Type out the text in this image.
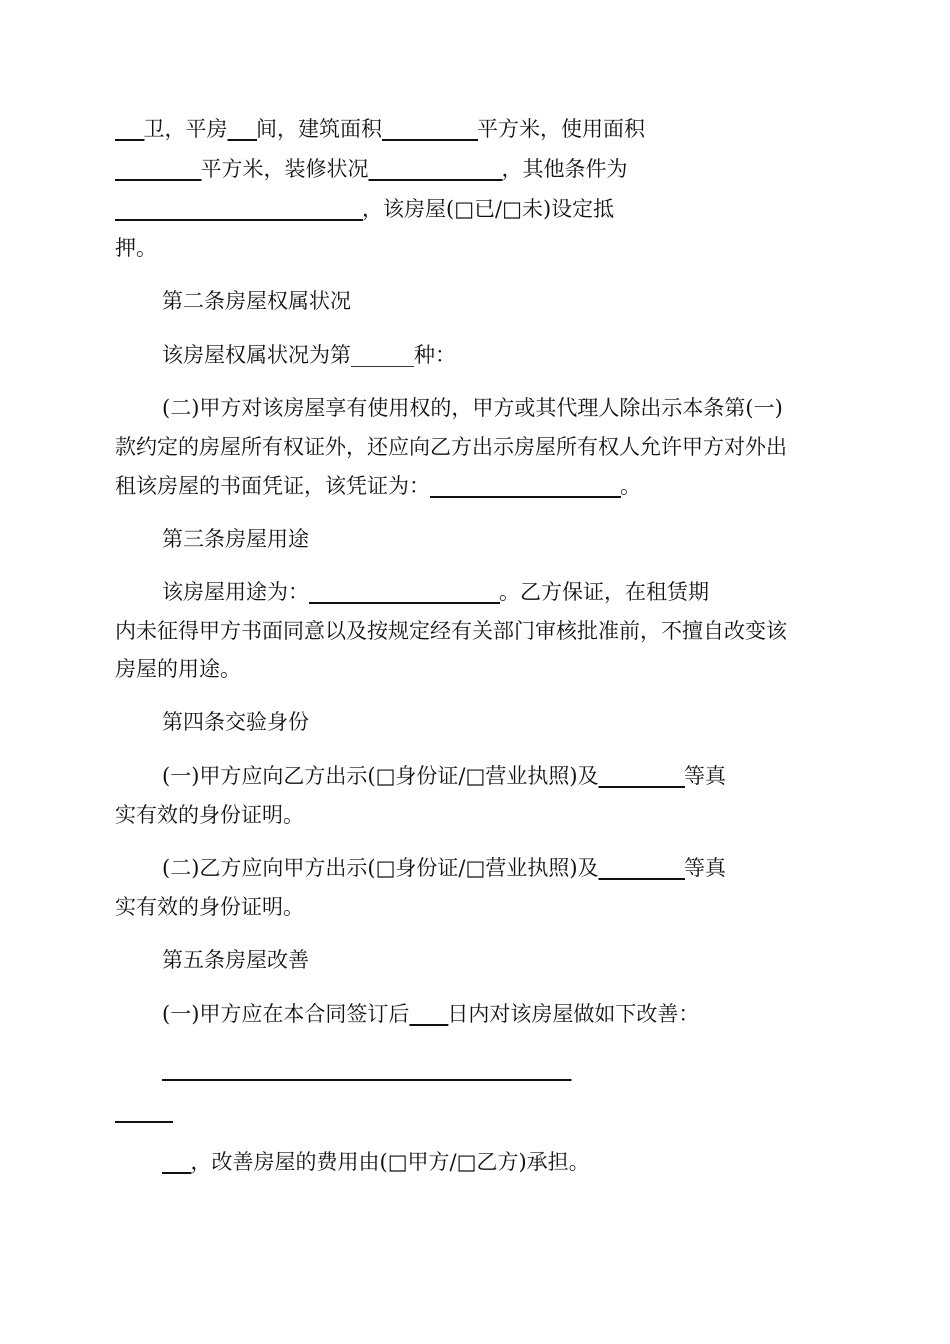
___卫，平房___间，建筑面积__________平方米，使用面积
_________平方米，装修状况______________，其他条件为
__________________________，该房屋(□已/□未)设定抵
押。
第二条房屋权属状况
该房屋权属状况为第______种：
(二)甲方对该房屋享有使用权的，甲方或其代理人除出示本条第(一)
款约定的房屋所有权证外，还应向乙方出示房屋所有权人允许甲方对外出
租该房屋的书面凭证，该凭证为：____________________。
第三条房屋用途
该房屋用途为：____________________。乙方保证，在租赁期
内未征得甲方书面同意以及按规定经有关部门审核批准前，不擅自改变该
房屋的用途。
第四条交验身份
(一)甲方应向乙方出示(□身份证/□营业执照)及_________等真
实有效的身份证明。
(二)乙方应向甲方出示(□身份证/□营业执照)及_________等真
实有效的身份证明。
第五条房屋改善
(一)甲方应在本合同签订后____日内对该房屋做如下改善：
___________________________________________
______
___，改善房屋的费用由(□甲方/□乙方)承担。
